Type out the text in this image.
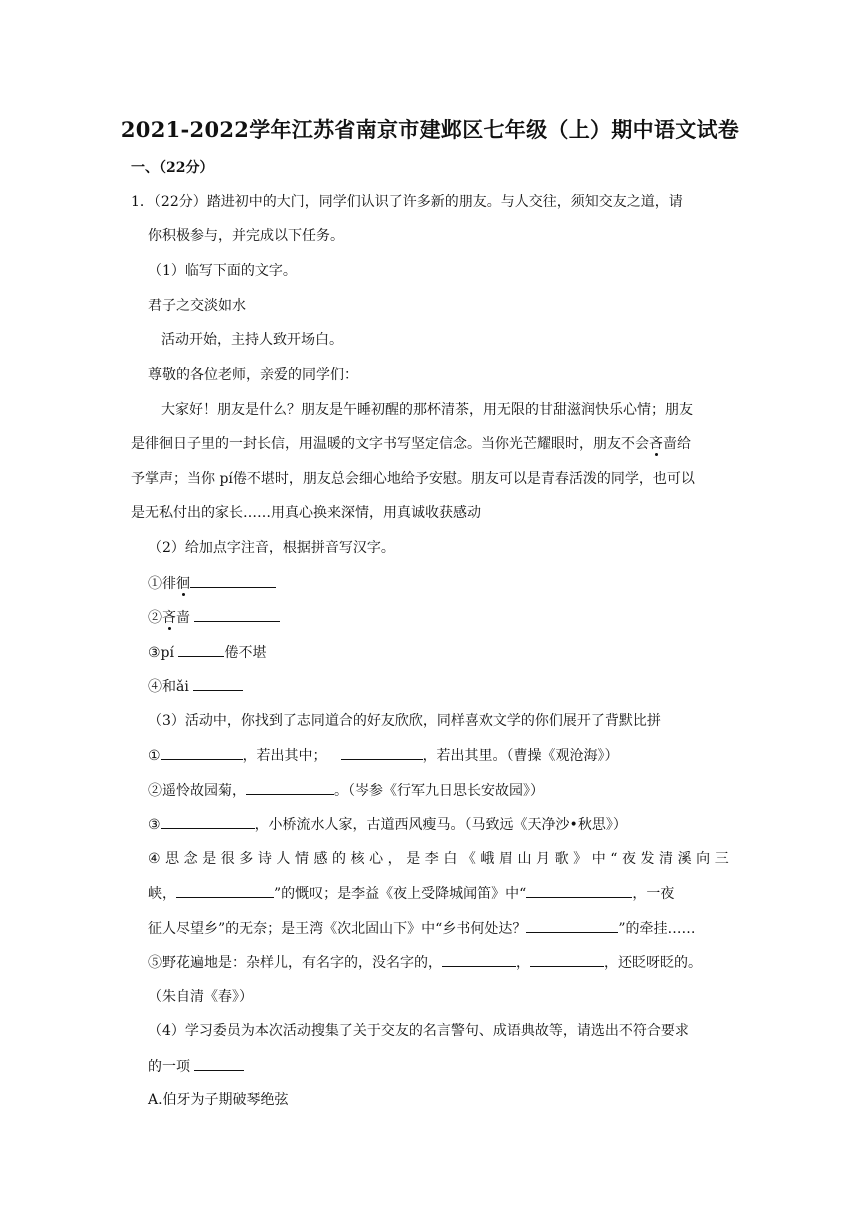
2021-2022学年江苏省南京市建邺区七年级（上）期中语文试卷
一、（22分）
1．（22分）踏进初中的大门，同学们认识了许多新的朋友。与人交往，须知交友之道，请
你积极参与，并完成以下任务。
（1）临写下面的文字。
君子之交淡如水
活动开始，主持人致开场白。
尊敬的各位老师，亲爱的同学们：
大家好！朋友是什么？朋友是午睡初醒的那杯清茶，用无限的甘甜滋润快乐心情；朋友
是徘徊日子里的一封长信，用温暖的文字书写坚定信念。当你光芒耀眼时，朋友不会吝啬给
予掌声；当你 pí倦不堪时，朋友总会细心地给予安慰。朋友可以是青春活泼的同学，也可以
是无私付出的家长……用真心换来深情，用真诚收获感动
（2）给加点字注音，根据拼音写汉字。
①徘徊
②吝啬
③pí	倦不堪
④和ǎi
（3）活动中，你找到了志同道合的好友欣欣，同样喜欢文学的你们展开了背默比拼
①	，若出其中；	，若出其里。（曹操《观沧海》）
②遥怜故园菊，	。（岑参《行军九日思长安故园》）
③	，小桥流水人家，古道西风瘦马。（马致远《天净沙•秋思》）
④ 思 念 是 很 多 诗 人 情 感 的 核 心 ， 是 李 白 《 峨 眉 山 月 歌 》 中 “ 夜 发 清 溪 向 三
峡，	”的慨叹；是李益《夜上受降城闻笛》中“	，一夜
征人尽望乡”的无奈；是王湾《次北固山下》中“乡书何处达？	”的牵挂……
⑤野花遍地是：杂样儿，有名字的，没名字的，	，	，还眨呀眨的。
（朱自清《春》）
（4）学习委员为本次活动搜集了关于交友的名言警句、成语典故等，请选出不符合要求
的一项
A.伯牙为子期破琴绝弦
